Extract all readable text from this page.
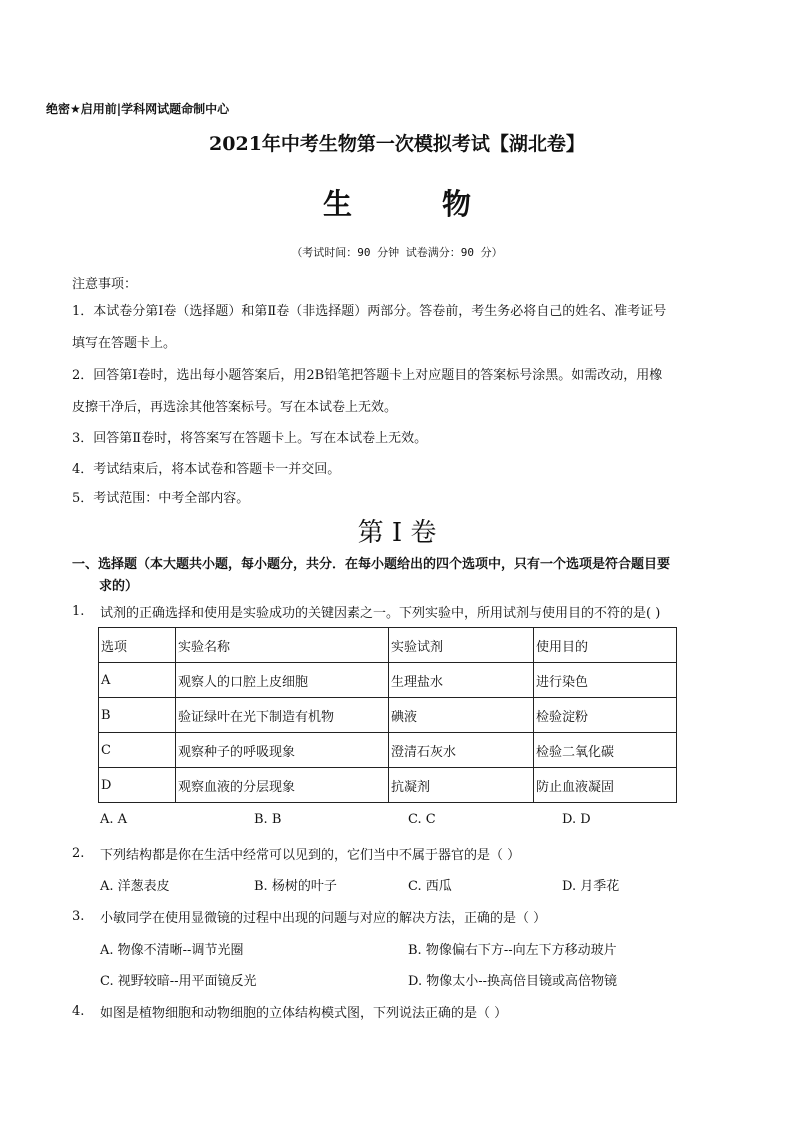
绝密★启用前|学科网试题命制中心
2021年中考生物第一次模拟考试【湖北卷】
生 物
（考试时间：90 分钟 试卷满分：90 分）
注意事项：
1．本试卷分第Ⅰ卷（选择题）和第Ⅱ卷（非选择题）两部分。答卷前，考生务必将自己的姓名、准考证号
填写在答题卡上。
2．回答第Ⅰ卷时，选出每小题答案后，用2B铅笔把答题卡上对应题目的答案标号涂黑。如需改动，用橡
皮擦干净后，再选涂其他答案标号。写在本试卷上无效。
3．回答第Ⅱ卷时，将答案写在答题卡上。写在本试卷上无效。
4．考试结束后，将本试卷和答题卡一并交回。
5．考试范围：中考全部内容。
第 I 卷
一、选择题（本大题共小题，每小题分，共分．在每小题给出的四个选项中，只有一个选项是符合题目要
求的）
1. 试剂的正确选择和使用是实验成功的关键因素之一。下列实验中，所用试剂与使用目的不符的是( )
选项	实验名称	实验试剂	使用目的
A	观察人的口腔上皮细胞	生理盐水	进行染色
B	验证绿叶在光下制造有机物	碘液	检验淀粉
C	观察种子的呼吸现象	澄清石灰水	检验二氧化碳
D	观察血液的分层现象	抗凝剂	防止血液凝固
A. A	B. B	C. C	D. D
2. 下列结构都是你在生活中经常可以见到的，它们当中不属于器官的是（ ）
A. 洋葱表皮	B. 杨树的叶子	C. 西瓜	D. 月季花
3. 小敏同学在使用显微镜的过程中出现的问题与对应的解决方法，正确的是（ ）
A. 物像不清晰--调节光圈	B. 物像偏右下方--向左下方移动玻片
C. 视野较暗--用平面镜反光	D. 物像太小--换高倍目镜或高倍物镜
4. 如图是植物细胞和动物细胞的立体结构模式图，下列说法正确的是（ ）
